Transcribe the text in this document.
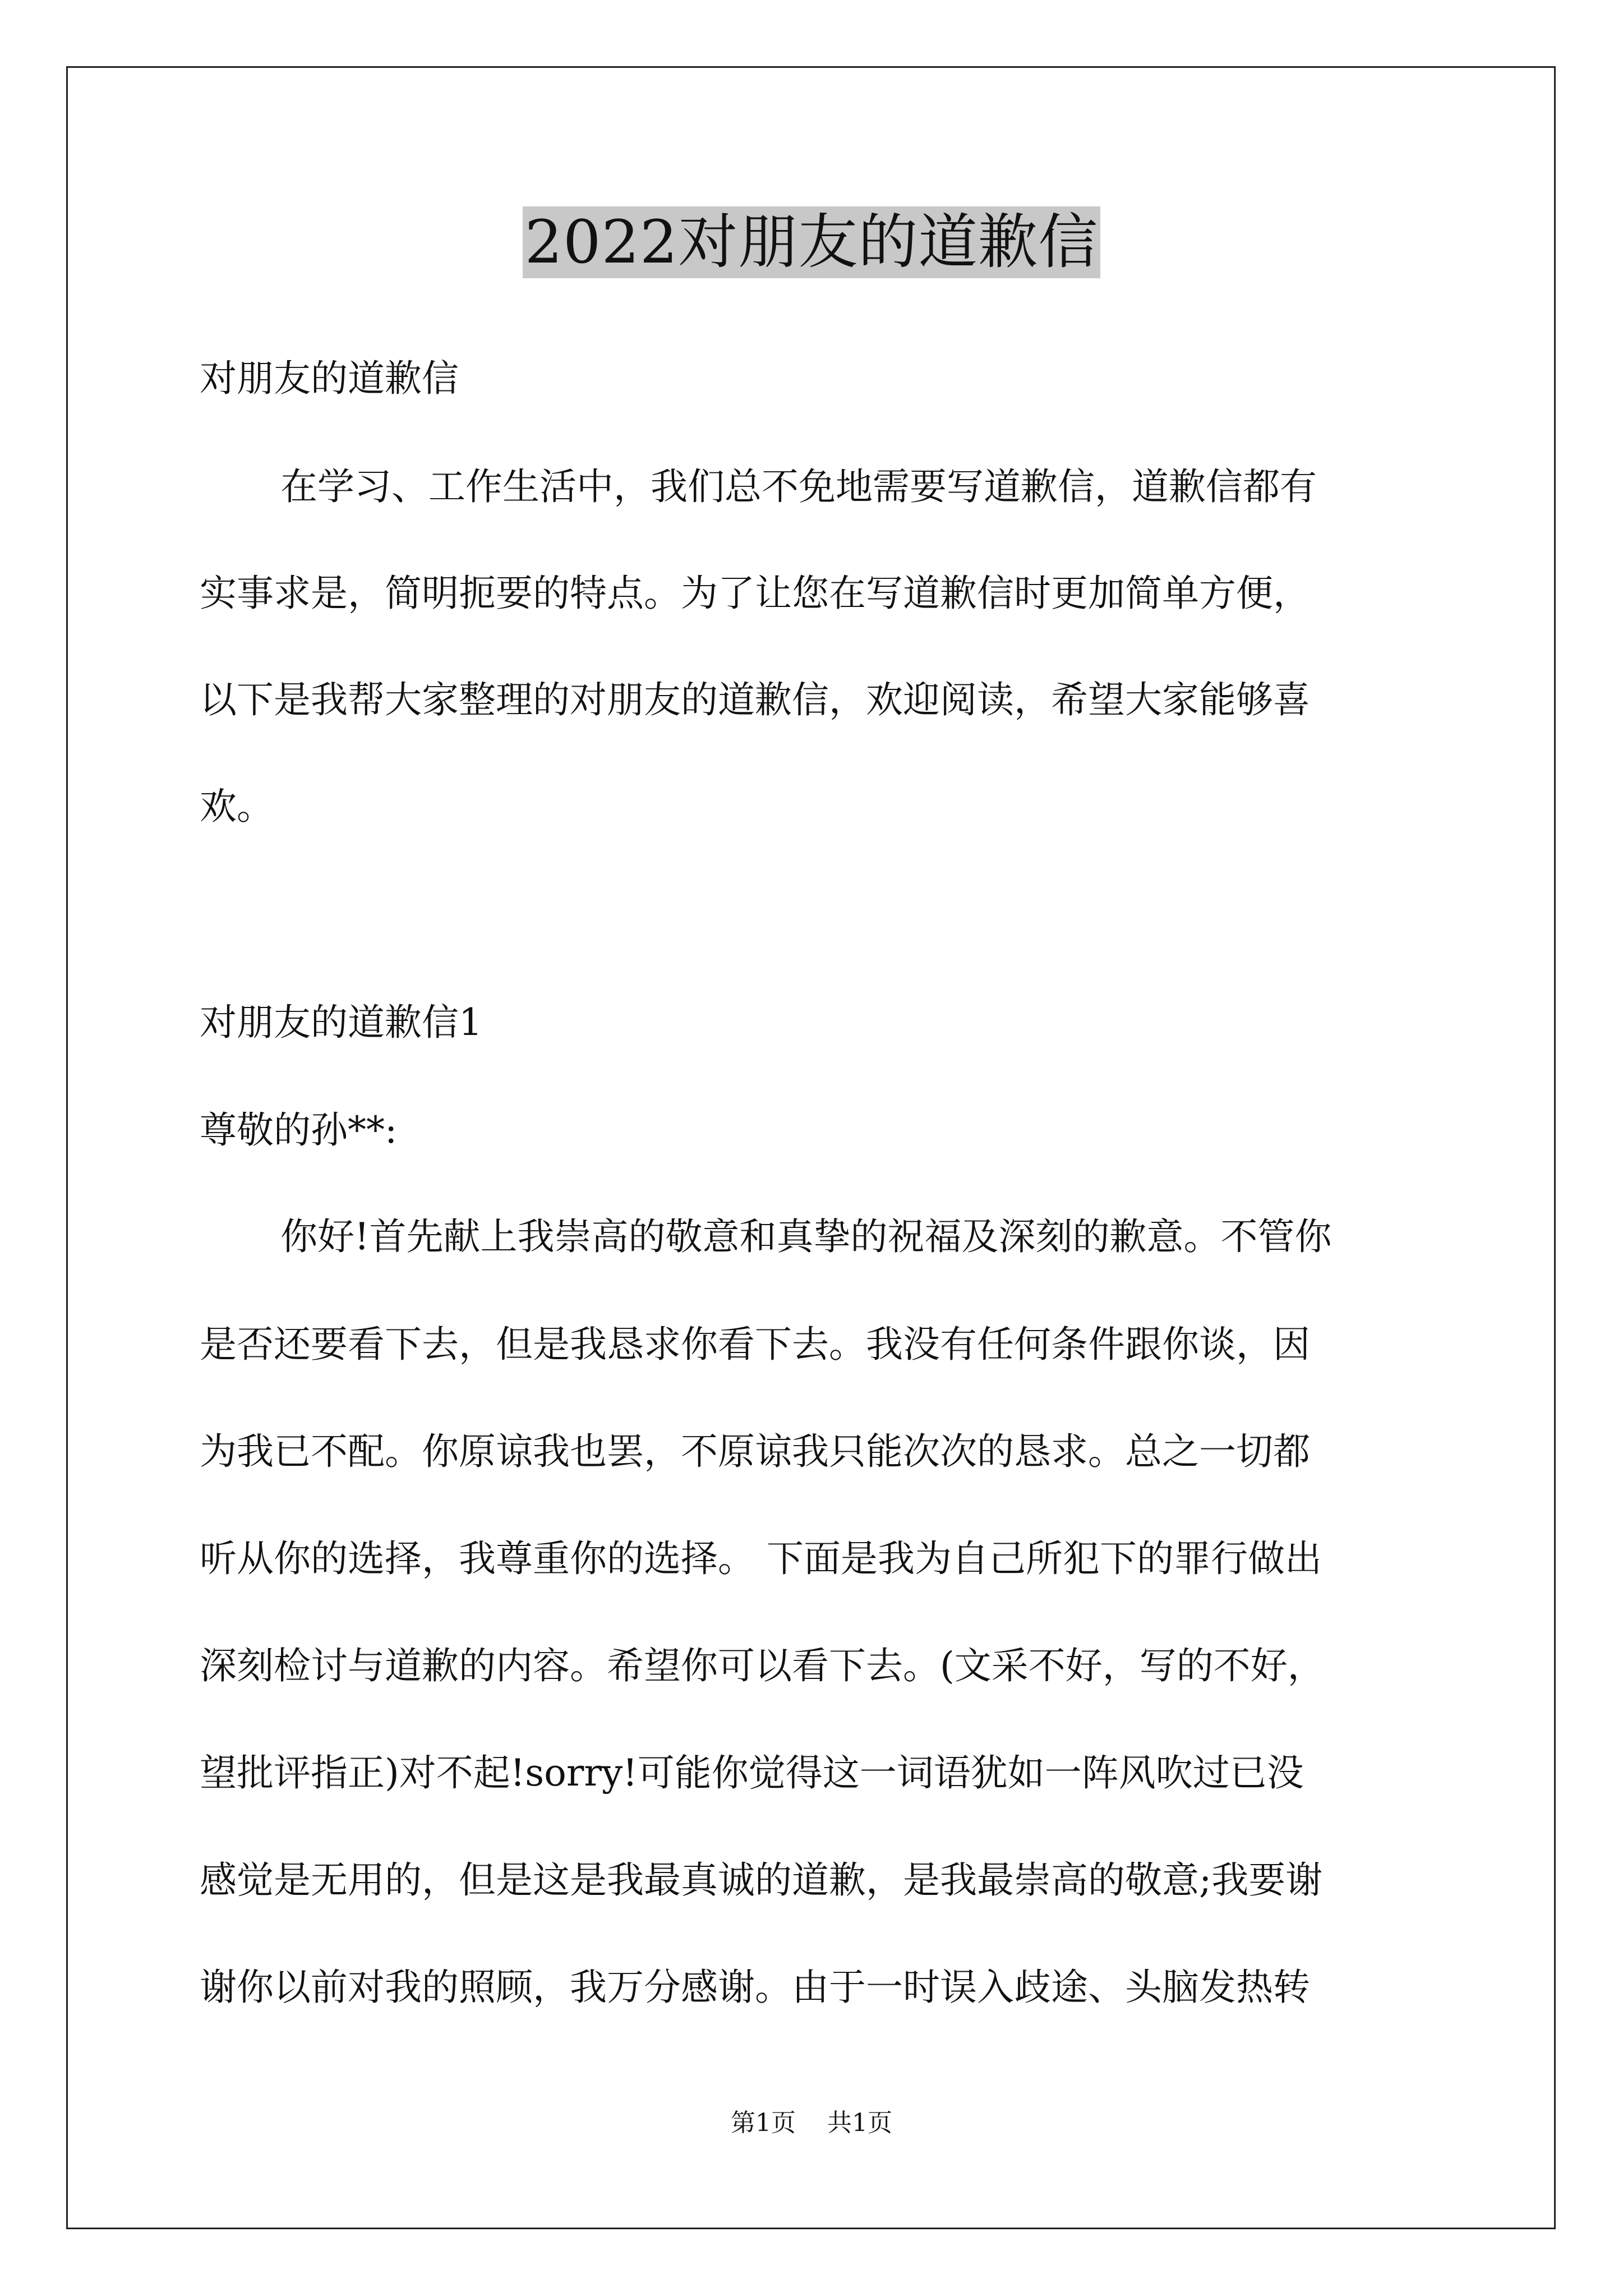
2022对朋友的道歉信
对朋友的道歉信
在学习、工作生活中，我们总不免地需要写道歉信，道歉信都有
实事求是，简明扼要的特点。为了让您在写道歉信时更加简单方便，
以下是我帮大家整理的对朋友的道歉信，欢迎阅读，希望大家能够喜
欢。
对朋友的道歉信1
尊敬的孙**:
你好!首先献上我崇高的敬意和真挚的祝福及深刻的歉意。不管你
是否还要看下去，但是我恳求你看下去。我没有任何条件跟你谈，因
为我已不配。你原谅我也罢，不原谅我只能次次的恳求。总之一切都
听从你的选择，我尊重你的选择。 下面是我为自己所犯下的罪行做出
深刻检讨与道歉的内容。希望你可以看下去。(文采不好，写的不好，
望批评指正)对不起!sorry!可能你觉得这一词语犹如一阵风吹过已没
感觉是无用的，但是这是我最真诚的道歉，是我最崇高的敬意;我要谢
谢你以前对我的照顾，我万分感谢。由于一时误入歧途、头脑发热转
第1页 共1页
